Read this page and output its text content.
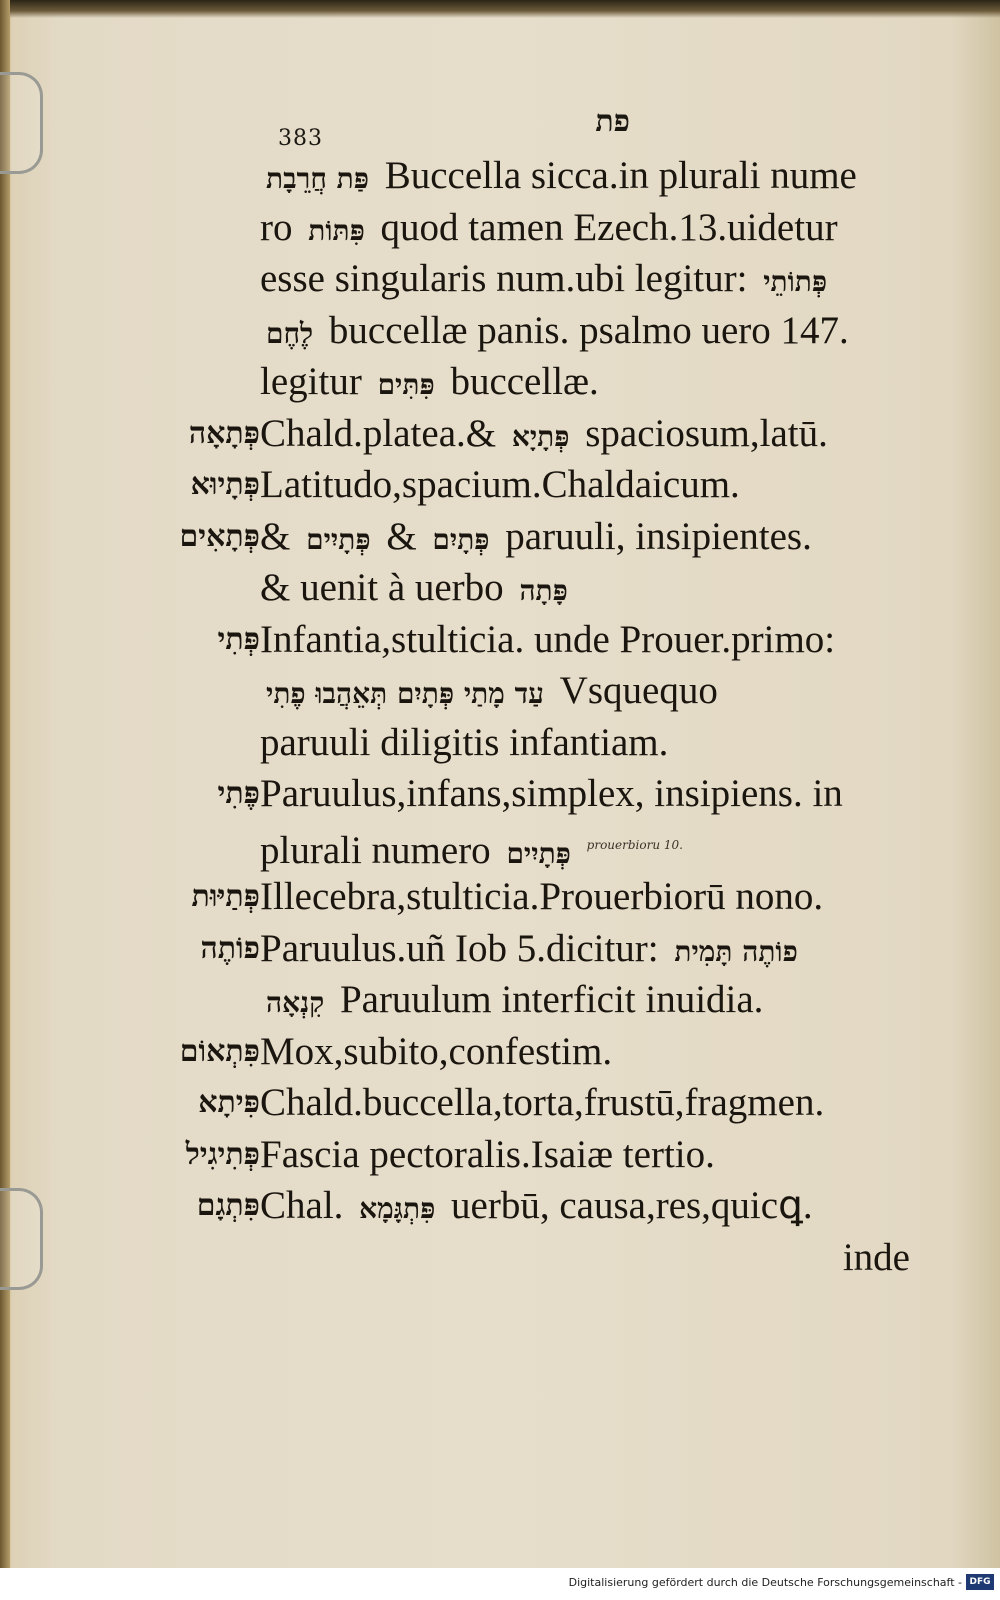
383	פת
פַּת חֲרֵבָת Buccella sicca.in plurali nume
ro פִּתּוֹת quod tamen Ezech.13.uidetur
esse singularis num.ubi legitur: פְּתוֹתֵי
לֶחֶם buccellæ panis. psalmo uero 147.
legitur פִּתִּים buccellæ.
פְּתָאָה Chald.platea.& פְּתָיָא spaciosum,latū.
פְּתָיוּא Latitudo,spacium.Chaldaicum.
פְּתָאִים & פְּתָיִים & פְּתָיִם paruuli, insipientes.
& uenit à uerbo פָּתָה
פְּתִי Infantia,stulticia. unde Prouer.primo:
עַד מָתַי פְּתָיִם תְּאֵהֲבוּ פֶתִי Vsquequo
paruuli diligitis infantiam.
פֶּתִי Paruulus,infans,simplex, insipiens. in
plurali numero פְּתָיִים $^{prouerbioru 10.}$
פְּתַיּוּת Illecebra,stulticia.Prouerbiorū nono.
פוֹתֶה Paruulus.uñ Iob 5.dicitur: פוֹתֶה תָּמִית
קִנְאָה Paruulum interficit inuidia.
פִּתְאוֹם Mox,subito,confestim.
פִּיתָא Chald.buccella,torta,frustū,fragmen.
פְּתִיגִיל Fascia pectoralis.Isaiæ tertio.
פִּתְגָם Chal. פִּתְגָּמָא uerbū, causa,res,quicꝗ.
inde
Digitalisierung gefördert durch die Deutsche Forschungsgemeinschaft - DFG
